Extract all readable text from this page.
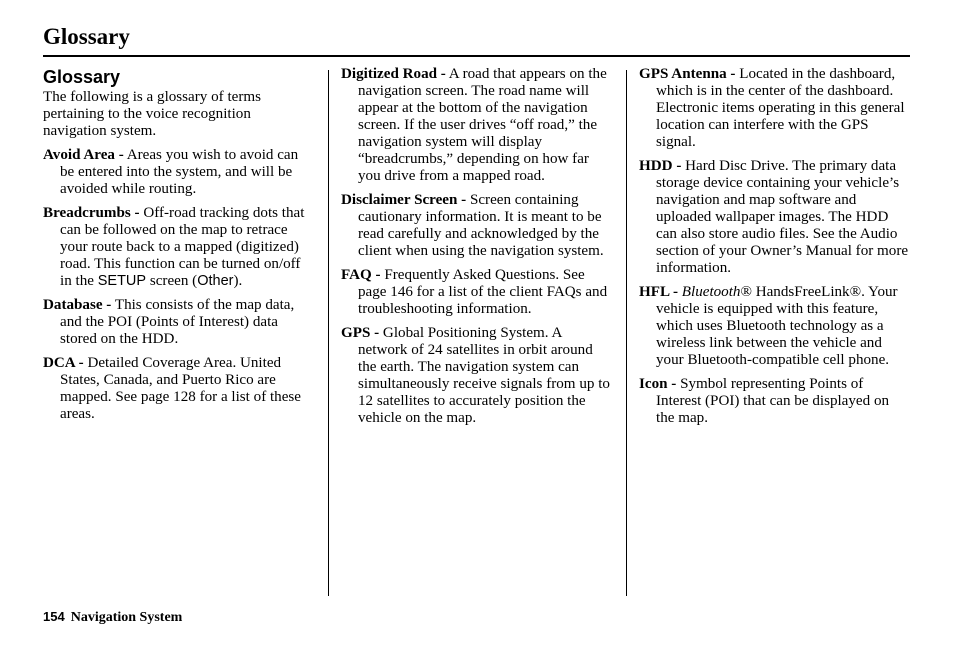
Glossary
Glossary

The following is a glossary of terms pertaining to the voice recognition navigation system.

Avoid Area - Areas you wish to avoid can be entered into the system, and will be avoided while routing.

Breadcrumbs - Off-road tracking dots that can be followed on the map to retrace your route back to a mapped (digitized) road. This function can be turned on/off in the SETUP screen (Other).

Database - This consists of the map data, and the POI (Points of Interest) data stored on the HDD.

DCA - Detailed Coverage Area. United States, Canada, and Puerto Rico are mapped. See page 128 for a list of these areas.

Digitized Road - A road that appears on the navigation screen. The road name will appear at the bottom of the navigation screen. If the user drives “off road,” the navigation system will display “breadcrumbs,” depending on how far you drive from a mapped road.

Disclaimer Screen - Screen containing cautionary information. It is meant to be read carefully and acknowledged by the client when using the navigation system.

FAQ - Frequently Asked Questions. See page 146 for a list of the client FAQs and troubleshooting information.

GPS - Global Positioning System. A network of 24 satellites in orbit around the earth. The navigation system can simultaneously receive signals from up to 12 satellites to accurately position the vehicle on the map.

GPS Antenna - Located in the dashboard, which is in the center of the dashboard. Electronic items operating in this general location can interfere with the GPS signal.

HDD - Hard Disc Drive. The primary data storage device containing your vehicle’s navigation and map software and uploaded wallpaper images. The HDD can also store audio files. See the Audio section of your Owner’s Manual for more information.

HFL - Bluetooth® HandsFreeLink®. Your vehicle is equipped with this feature, which uses Bluetooth technology as a wireless link between the vehicle and your Bluetooth-compatible cell phone.

Icon - Symbol representing Points of Interest (POI) that can be displayed on the map.

154 Navigation System
